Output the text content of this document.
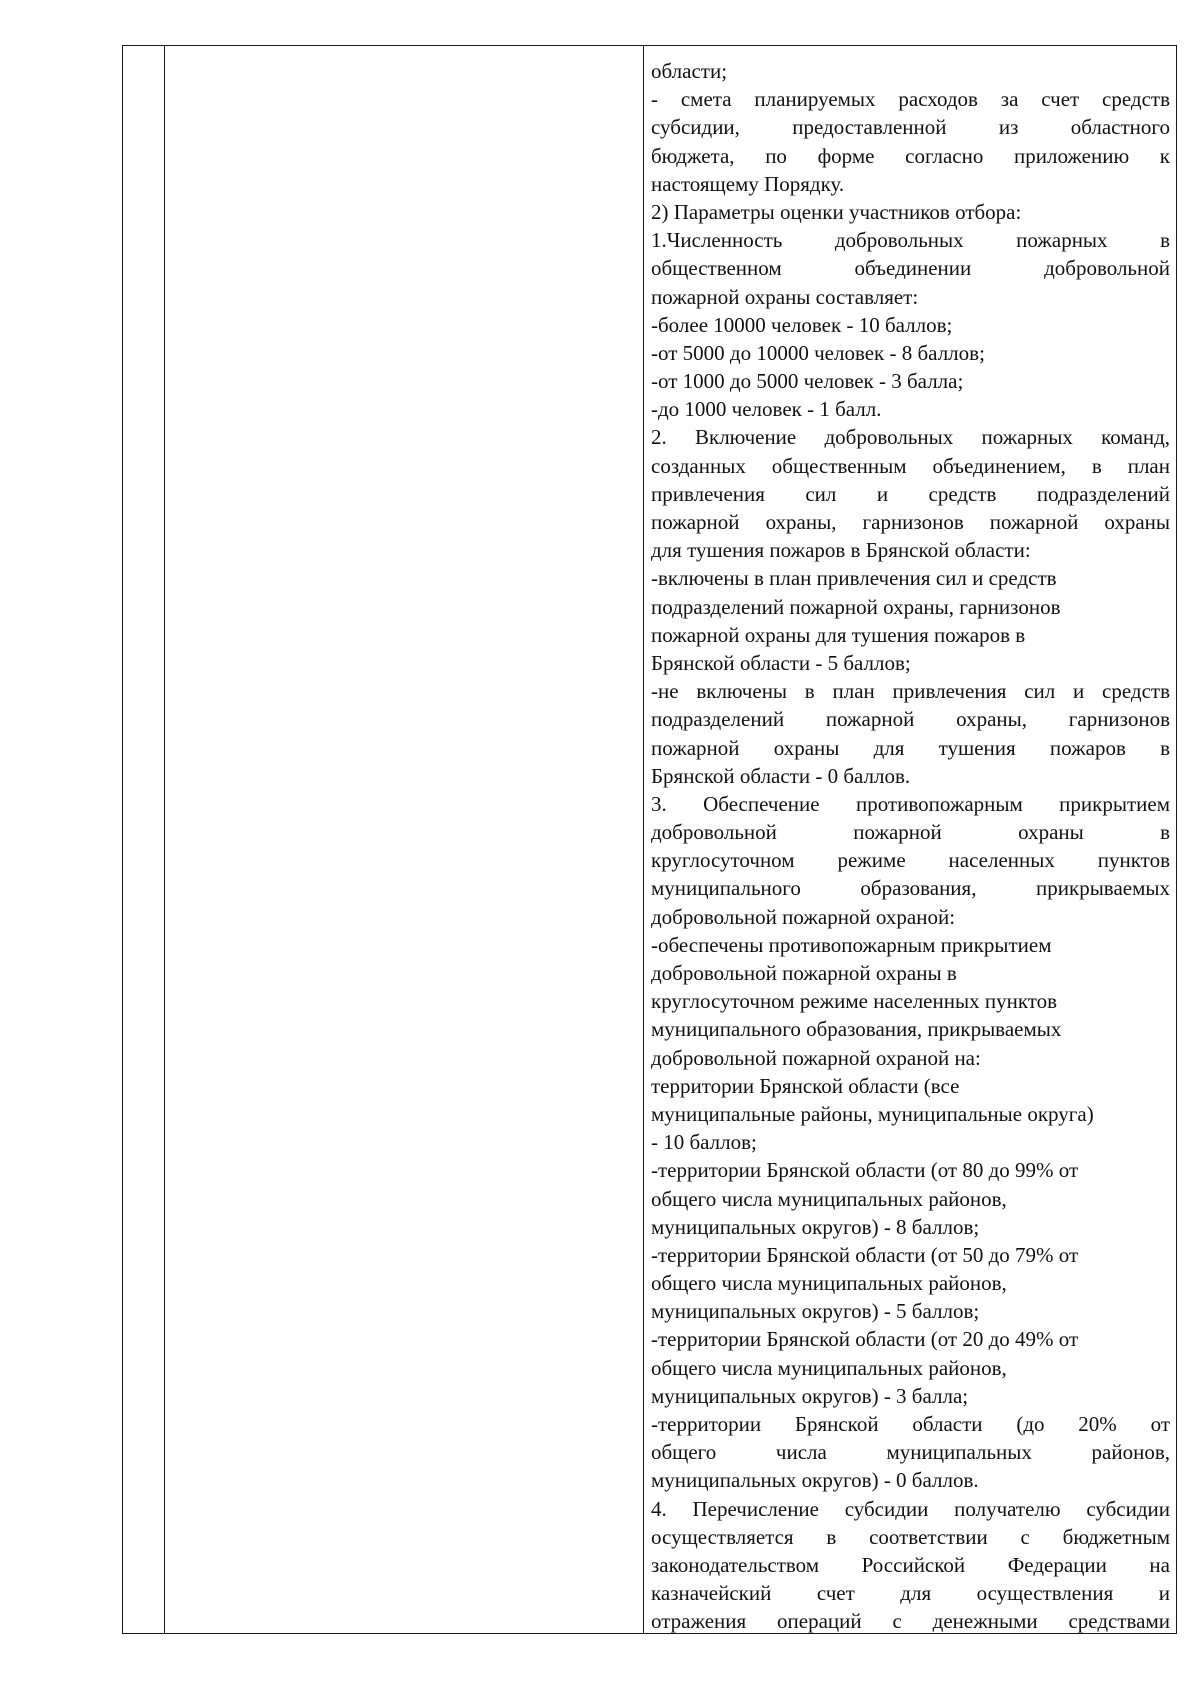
области;
- смета планируемых расходов за счет средств
субсидии, предоставленной из областного
бюджета, по форме согласно приложению к
настоящему Порядку.
2) Параметры оценки участников отбора:
1.Численность добровольных пожарных в
общественном объединении добровольной
пожарной охраны составляет:
-более 10000 человек - 10 баллов;
-от 5000 до 10000 человек - 8 баллов;
-от 1000 до 5000 человек - 3 балла;
-до 1000 человек - 1 балл.
2. Включение добровольных пожарных команд,
созданных общественным объединением, в план
привлечения сил и средств подразделений
пожарной охраны, гарнизонов пожарной охраны
для тушения пожаров в Брянской области:
-включены в план привлечения сил и средств
подразделений пожарной охраны, гарнизонов
пожарной охраны для тушения пожаров в
Брянской области - 5 баллов;
-не включены в план привлечения сил и средств
подразделений пожарной охраны, гарнизонов
пожарной охраны для тушения пожаров в
Брянской области - 0 баллов.
3. Обеспечение противопожарным прикрытием
добровольной пожарной охраны в
круглосуточном режиме населенных пунктов
муниципального образования, прикрываемых
добровольной пожарной охраной:
-обеспечены противопожарным прикрытием
добровольной пожарной охраны в
круглосуточном режиме населенных пунктов
муниципального образования, прикрываемых
добровольной пожарной охраной на:
территории Брянской области (все
муниципальные районы, муниципальные округа)
- 10 баллов;
-территории Брянской области (от 80 до 99% от
общего числа муниципальных районов,
муниципальных округов) - 8 баллов;
-территории Брянской области (от 50 до 79% от
общего числа муниципальных районов,
муниципальных округов) - 5 баллов;
-территории Брянской области (от 20 до 49% от
общего числа муниципальных районов,
муниципальных округов) - 3 балла;
-территории Брянской области (до 20% от
общего числа муниципальных районов,
муниципальных округов) - 0 баллов.
4. Перечисление субсидии получателю субсидии
осуществляется в соответствии с бюджетным
законодательством Российской Федерации на
казначейский счет для осуществления и
отражения операций с денежными средствами
